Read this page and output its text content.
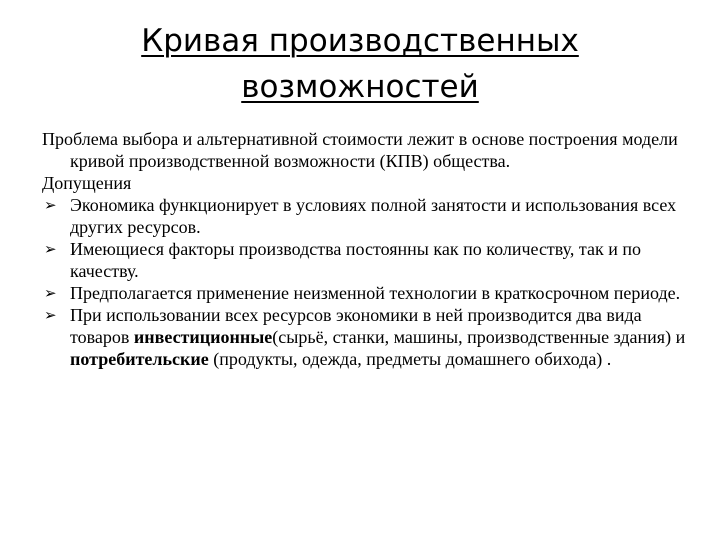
Кривая производственных
возможностей

Проблема выбора и альтернативной стоимости лежит в основе построения модели кривой производственной возможности (КПВ) общества.

Допущения

➢ Экономика функционирует в условиях полной занятости и использования всех других ресурсов.
➢ Имеющиеся факторы производства постоянны как по количеству, так и по качеству.
➢ Предполагается применение неизменной технологии в краткосрочном периоде.
➢ При использовании всех ресурсов экономики в ней производится два вида товаров инвестиционные(сырьё, станки, машины, производственные здания) и потребительские (продукты, одежда, предметы домашнего обихода) .
